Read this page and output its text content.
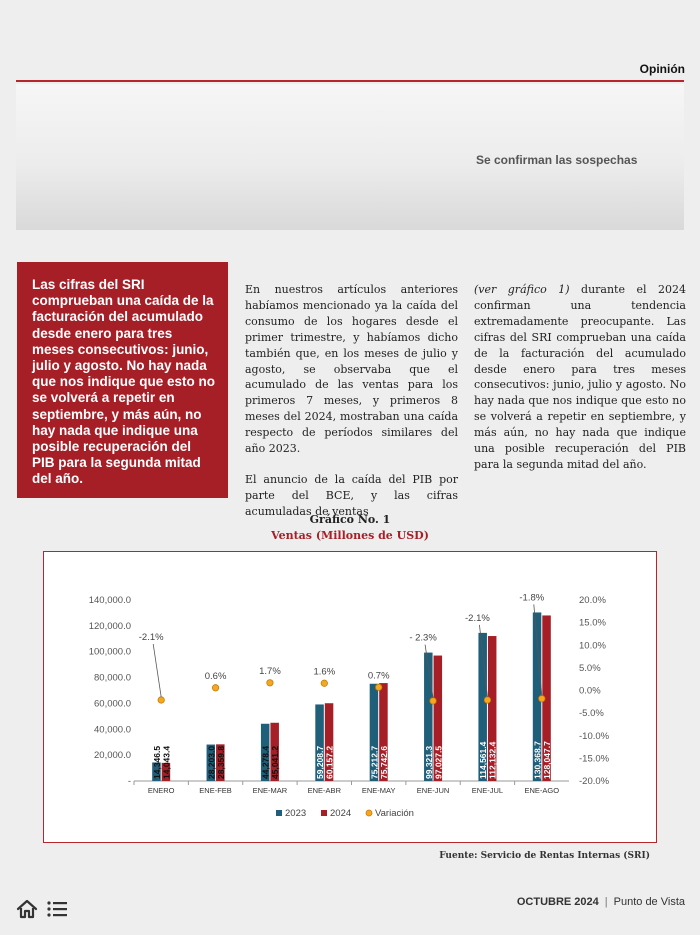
Opinión
Se confirman las sospechas
Las cifras del SRI comprueban una caída de la facturación del acumulado desde enero para tres meses consecutivos: junio, julio y agosto. No hay nada que nos indique que esto no se volverá a repetir en septiembre, y más aún, no hay nada que indique una posible recuperación del PIB para la segunda mitad del año.

En nuestros artículos anteriores habíamos mencionado ya la caída del consumo de los hogares desde el primer trimestre, y habíamos dicho también que, en los meses de julio y agosto, se observaba que el acumulado de las ventas para los primeros 7 meses, y primeros 8 meses del 2024, mostraban una caída respecto de períodos similares del año 2023.

El anuncio de la caída del PIB por parte del BCE, y las cifras acumuladas de ventas

(ver gráfico 1) durante el 2024 confirman una tendencia extremadamente preocupante. Las cifras del SRI comprueban una caída de la facturación del acumulado desde enero para tres meses consecutivos: junio, julio y agosto. No hay nada que nos indique que esto no se volverá a repetir en septiembre, y más aún, no hay nada que indique una posible recuperación del PIB para la segunda mitad del año.

Gráfico No. 1
Ventas (Millones de USD)
-
20,000.0
40,000.0
60,000.0
80,000.0
100,000.0
120,000.0
140,000.0
-20.0%
-15.0%
-10.0%
-5.0%
0.0%
5.0%
10.0%
15.0%
20.0%
ENERO
14,346.5 14,043.4
-2.1%
ENE-FEB
28,203.0 28,359.8
0.6%
ENE-MAR
44,278.4 45,041.2
1.7%
ENE-ABR
59,208.7 60,157.2
1.6%
ENE-MAY
75,212.7 75,742.6
0.7%
ENE-JUN
99,321.3 97,027.5
- 2.3%
ENE-JUL
114,561.4 112,132.4
-2.1%
ENE-AGO
130,368.7 128,047.7
-1.8%
2023	2024	Variación
Fuente: Servicio de Rentas Internas (SRI)
OCTUBRE 2024 | Punto de Vista
